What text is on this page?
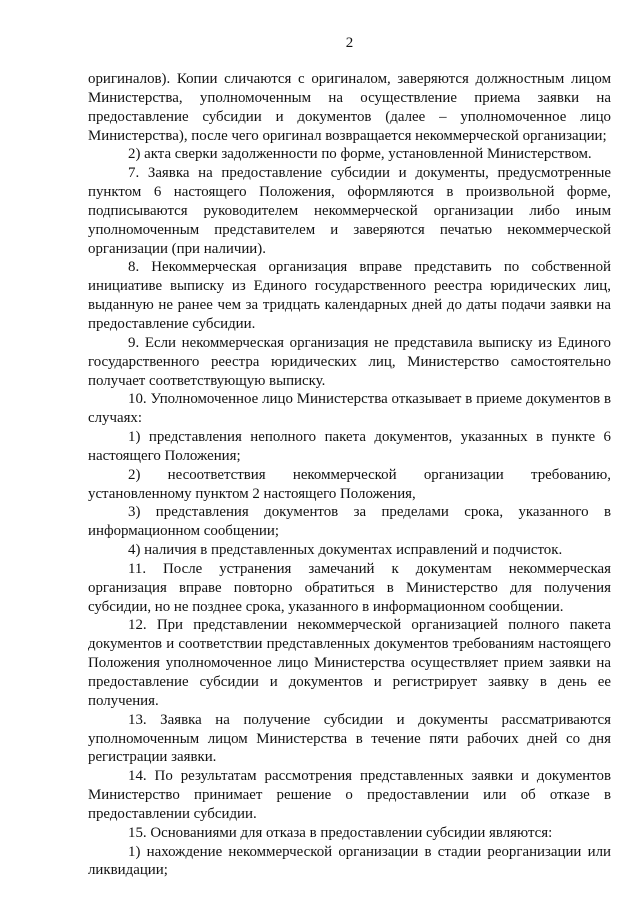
2

оригиналов). Копии сличаются с оригиналом, заверяются должностным лицом Министерства, уполномоченным на осуществление приема заявки на предоставление субсидии и документов (далее – уполномоченное лицо Министерства), после чего оригинал возвращается некоммерческой организации;

2) акта сверки задолженности по форме, установленной Министерством.

7. Заявка на предоставление субсидии и документы, предусмотренные пунктом 6 настоящего Положения, оформляются в произвольной форме, подписываются руководителем некоммерческой организации либо иным уполномоченным представителем и заверяются печатью некоммерческой организации (при наличии).

8. Некоммерческая организация вправе представить по собственной инициативе выписку из Единого государственного реестра юридических лиц, выданную не ранее чем за тридцать календарных дней до даты подачи заявки на предоставление субсидии.

9. Если некоммерческая организация не представила выписку из Единого государственного реестра юридических лиц, Министерство самостоятельно получает соответствующую выписку.

10. Уполномоченное лицо Министерства отказывает в приеме документов в случаях:

1) представления неполного пакета документов, указанных в пункте 6 настоящего Положения;

2) несоответствия некоммерческой организации требованию, установленному пунктом 2 настоящего Положения,

3) представления документов за пределами срока, указанного в информационном сообщении;

4) наличия в представленных документах исправлений и подчисток.

11. После устранения замечаний к документам некоммерческая организация вправе повторно обратиться в Министерство для получения субсидии, но не позднее срока, указанного в информационном сообщении.

12. При представлении некоммерческой организацией полного пакета документов и соответствии представленных документов требованиям настоящего Положения уполномоченное лицо Министерства осуществляет прием заявки на предоставление субсидии и документов и регистрирует заявку в день ее получения.

13. Заявка на получение субсидии и документы рассматриваются уполномоченным лицом Министерства в течение пяти рабочих дней со дня регистрации заявки.

14. По результатам рассмотрения представленных заявки и документов Министерство принимает решение о предоставлении или об отказе в предоставлении субсидии.

15. Основаниями для отказа в предоставлении субсидии являются:

1) нахождение некоммерческой организации в стадии реорганизации или ликвидации;
